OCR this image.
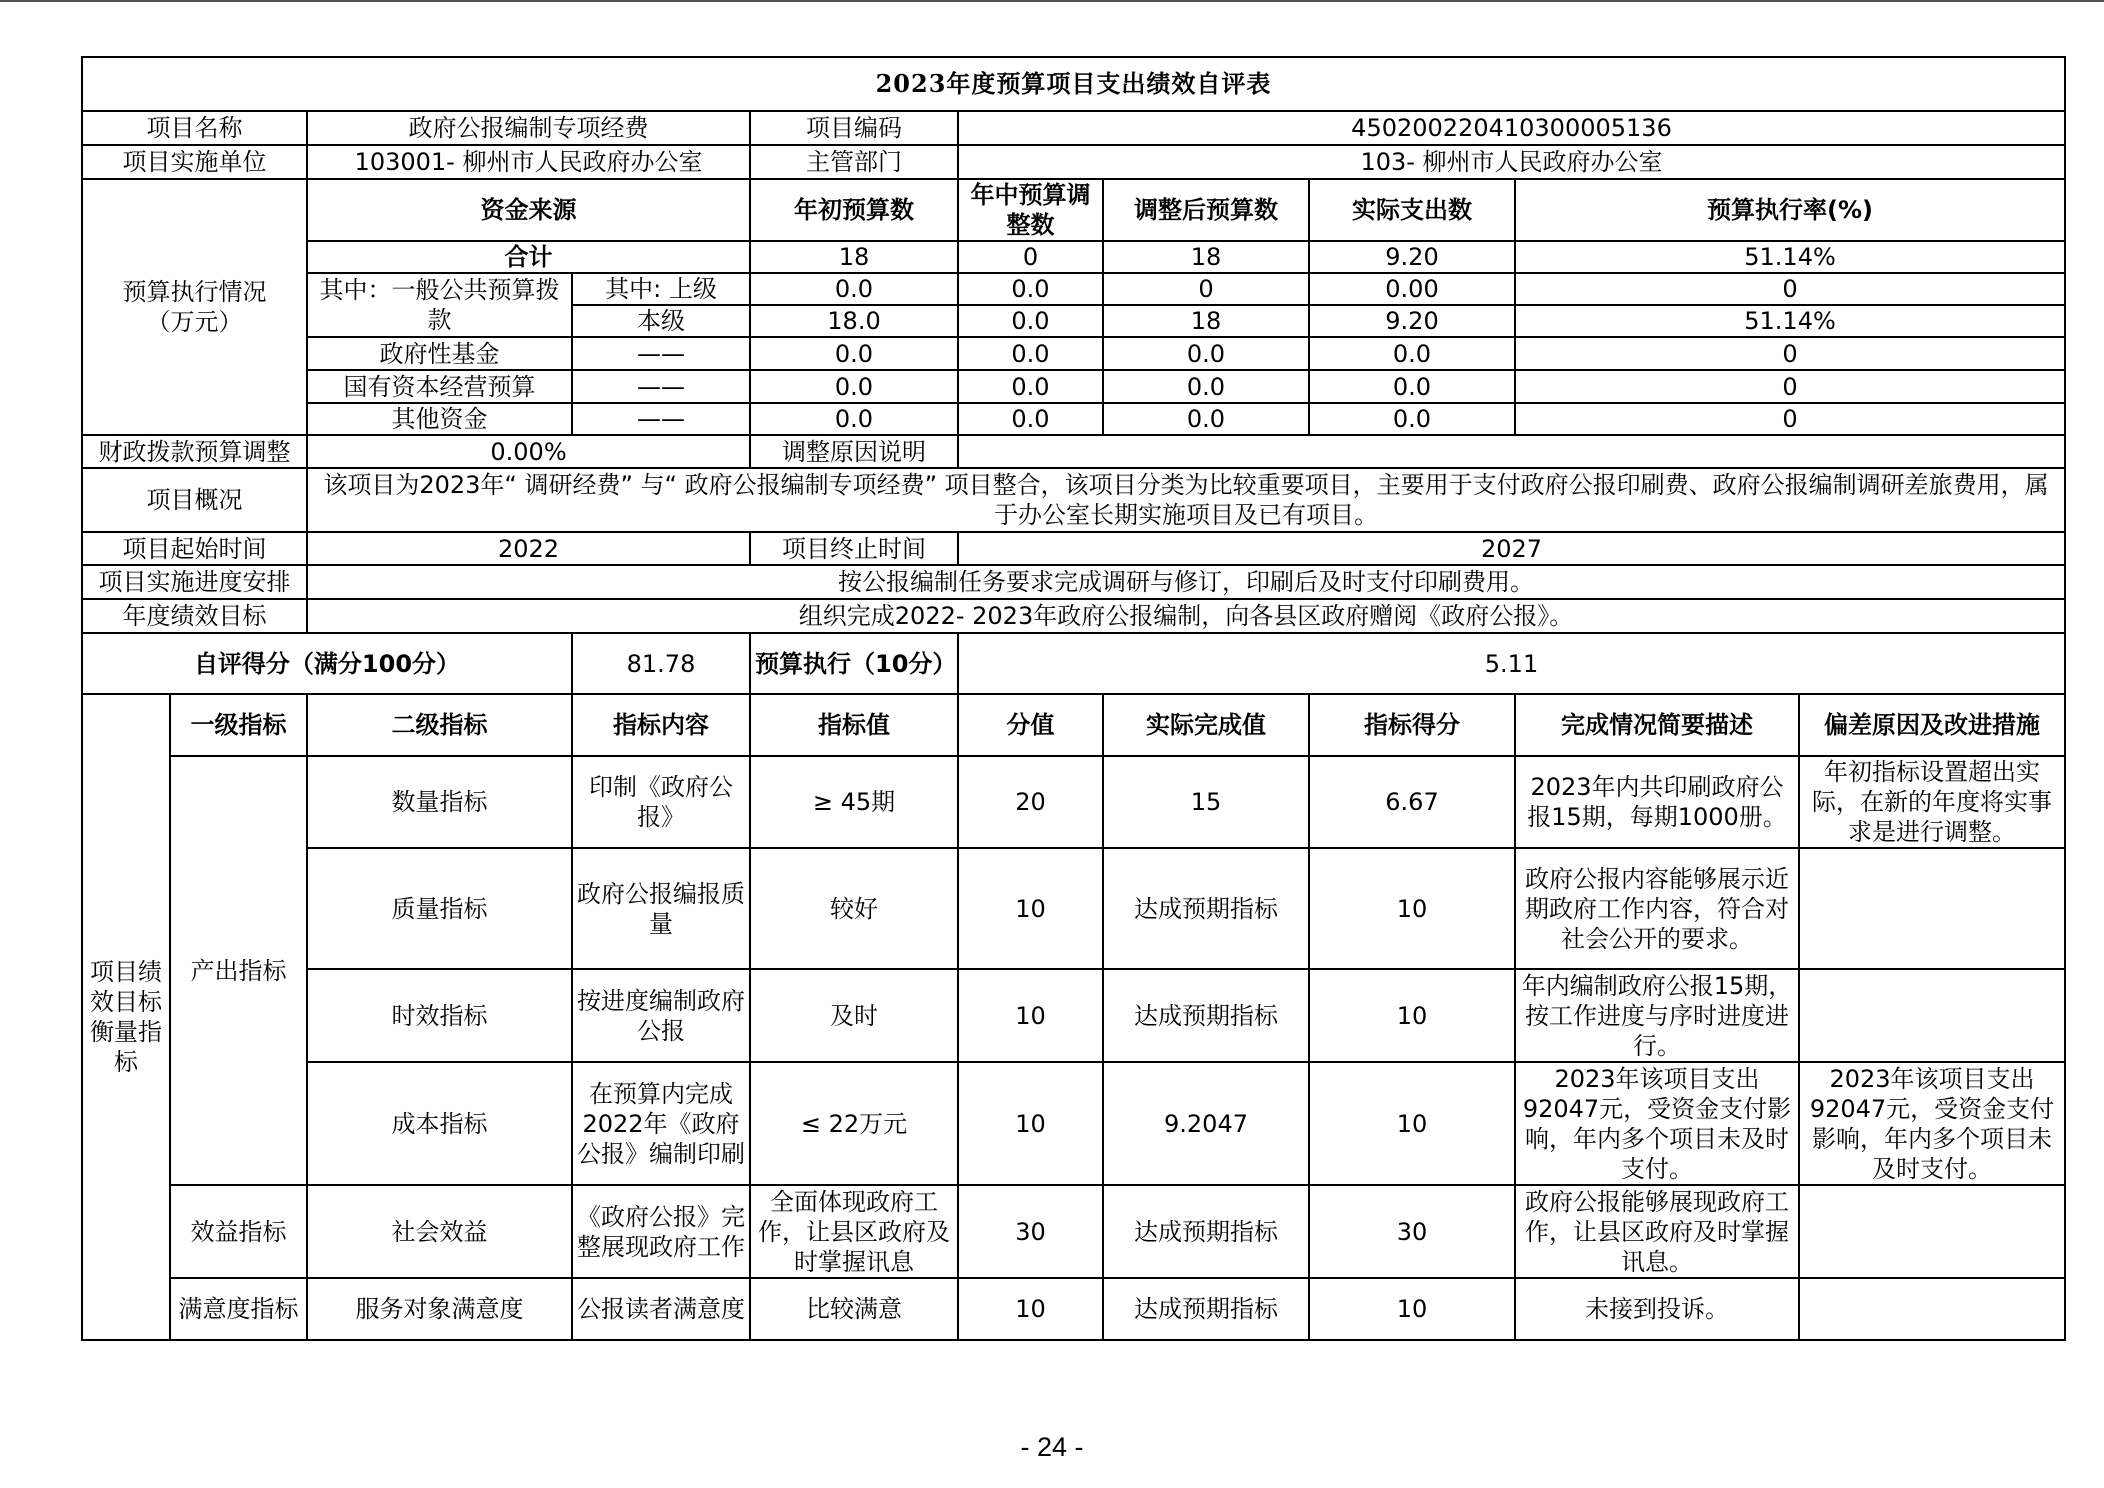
2023年度预算项目支出绩效自评表									
项目名称		政府公报编制专项经费		项目编码	450200220410300005136				
项目实施单位		103001- 柳州市人民政府办公室		主管部门	103- 柳州市人民政府办公室				
预算执行情况
（万元）		资金来源		年初预算数	年中预算调整数	调整后预算数	实际支出数	预算执行率(%)	
		合计		18	0	18	9.20	51.14%	
		其中：一般公共预算拨款	其中: 上级	0.0	0.0	0	0.00	0	
			本级	18.0	0.0	18	9.20	51.14%	
		政府性基金	——	0.0	0.0	0.0	0.0	0	
		国有资本经营预算	——	0.0	0.0	0.0	0.0	0	
		其他资金	——	0.0	0.0	0.0	0.0	0	
财政拨款预算调整		0.00%		调整原因说明					
项目概况		该项目为2023年“ 调研经费” 与“ 政府公报编制专项经费” 项目整合，该项目分类为比较重要项目，主要用于支付政府公报印刷费、政府公报编制调研差旅费用，属于办公室长期实施项目及已有项目。							
项目起始时间		2022		项目终止时间	2027				
项目实施进度安排		按公报编制任务要求完成调研与修订，印刷后及时支付印刷费用。							
年度绩效目标		组织完成2022- 2023年政府公报编制，向各县区政府赠阅《政府公报》。							
自评得分（满分100分）			81.78	预算执行（10分）	5.11				
项目绩效目标衡量指标	一级指标	二级指标	指标内容	指标值	分值	实际完成值	指标得分	完成情况简要描述	偏差原因及改进措施
	产出指标	数量指标	印制《政府公报》	≥ 45期	20	15	6.67	2023年内共印刷政府公报15期，每期1000册。	年初指标设置超出实际，在新的年度将实事求是进行调整。
		质量指标	政府公报编报质量	较好	10	达成预期指标	10	政府公报内容能够展示近期政府工作内容，符合对社会公开的要求。	
		时效指标	按进度编制政府公报	及时	10	达成预期指标	10	年内编制政府公报15期，按工作进度与序时进度进行。	
		成本指标	在预算内完成2022年《政府公报》编制印刷	≤ 22万元	10	9.2047	10	2023年该项目支出92047元，受资金支付影响，年内多个项目未及时支付。	2023年该项目支出92047元，受资金支付影响，年内多个项目未及时支付。
	效益指标	社会效益	《政府公报》完整展现政府工作	全面体现政府工作，让县区政府及时掌握讯息	30	达成预期指标	30	政府公报能够展现政府工作，让县区政府及时掌握讯息。	
	满意度指标	服务对象满意度	公报读者满意度	比较满意	10	达成预期指标	10	未接到投诉。	
- 24 -
